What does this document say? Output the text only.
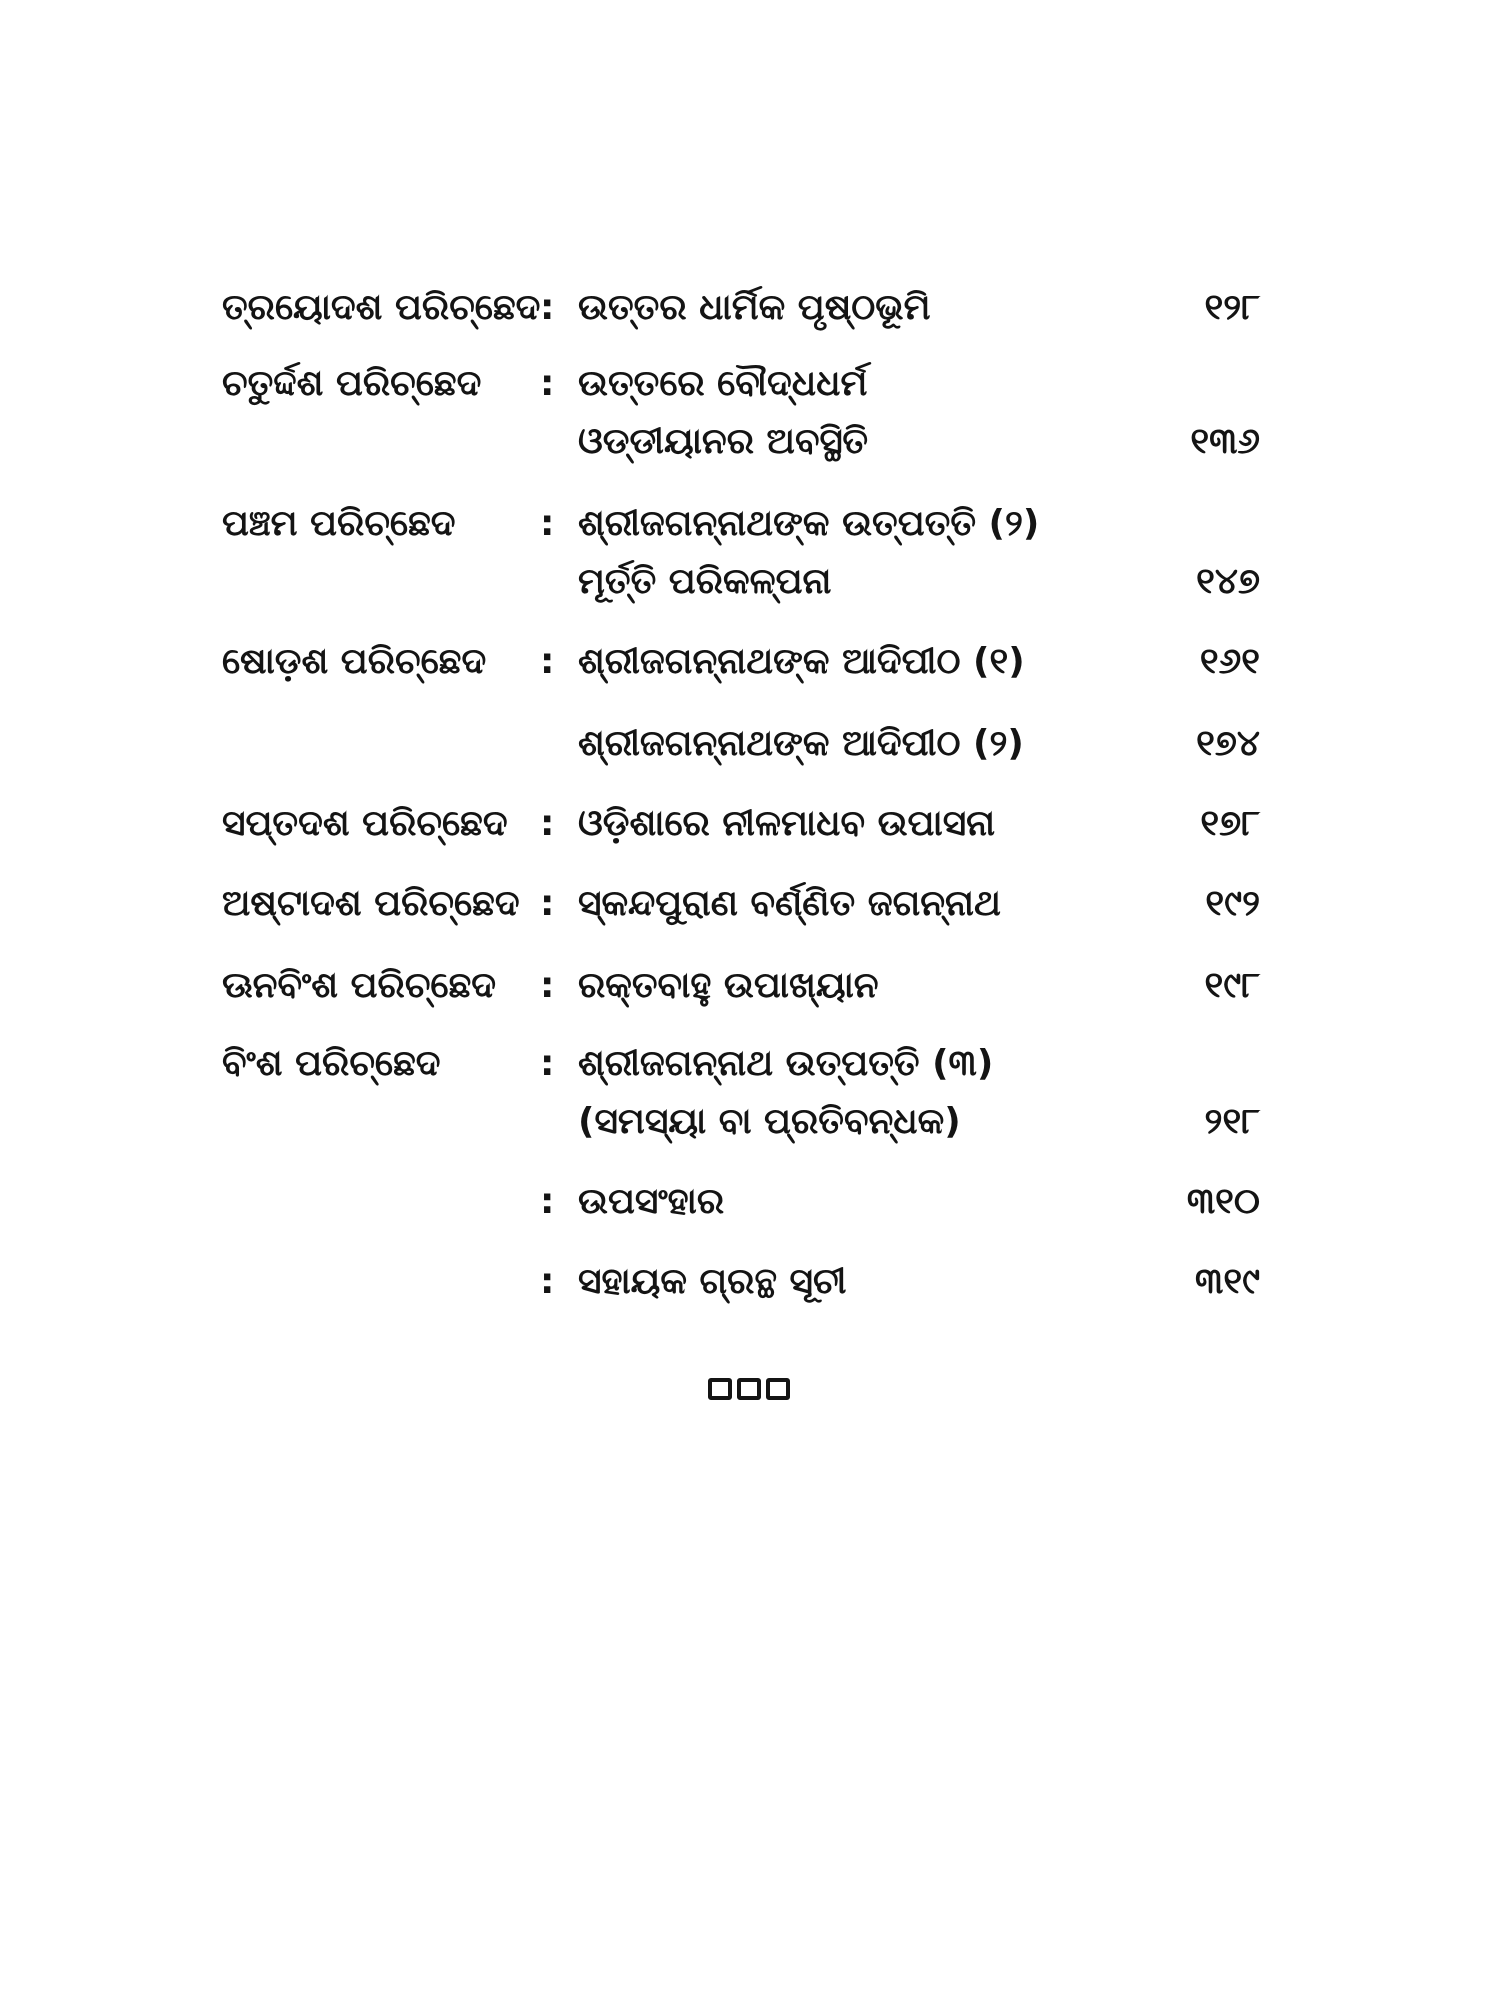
ତ୍ରୟୋଦଶ ପରିଚ୍ଛେଦ : ଉତ୍ତର ଧାର୍ମିକ ପୃଷ୍ଠଭୂମି	୧୨୮
ଚତୁର୍ଦ୍ଦଶ ପରିଚ୍ଛେଦ : ଉତ୍ତରେ ବୌଦ୍ଧଧର୍ମ
ଓଡ୍ଡୀୟାନର ଅବସ୍ଥିତି	୧୩୬
ପଞ୍ଚମ ପରିଚ୍ଛେଦ : ଶ୍ରୀଜଗନ୍ନାଥଙ୍କ ଉତ୍ପତ୍ତି (୨)
ମୂର୍ତ୍ତି ପରିକଳ୍ପନା	୧୪୭
ଷୋଡ଼ଶ ପରିଚ୍ଛେଦ : ଶ୍ରୀଜଗନ୍ନାଥଙ୍କ ଆଦିପୀଠ (୧)	୧୬୧
ଶ୍ରୀଜଗନ୍ନାଥଙ୍କ ଆଦିପୀଠ (୨)	୧୭୪
ସପ୍ତଦଶ ପରିଚ୍ଛେଦ : ଓଡ଼ିଶାରେ ନୀଳମାଧବ ଉପାସନା	୧୭୮
ଅଷ୍ଟାଦଶ ପରିଚ୍ଛେଦ : ସ୍କନ୍ଦପୁରାଣ ବର୍ଣ୍ଣିତ ଜଗନ୍ନାଥ	୧୯୨
ଊନବିଂଶ ପରିଚ୍ଛେଦ : ରକ୍ତବାହୁ ଉପାଖ୍ୟାନ	୧୯୮
ବିଂଶ ପରିଚ୍ଛେଦ	: ଶ୍ରୀଜଗନ୍ନାଥ ଉତ୍ପତ୍ତି (୩)
(ସମସ୍ୟା ବା ପ୍ରତିବନ୍ଧକ)	୨୧୮
: ଉପସଂହାର	୩୧୦
: ସହାୟକ ଗ୍ରନ୍ଥ ସୂଚୀ	୩୧୯
